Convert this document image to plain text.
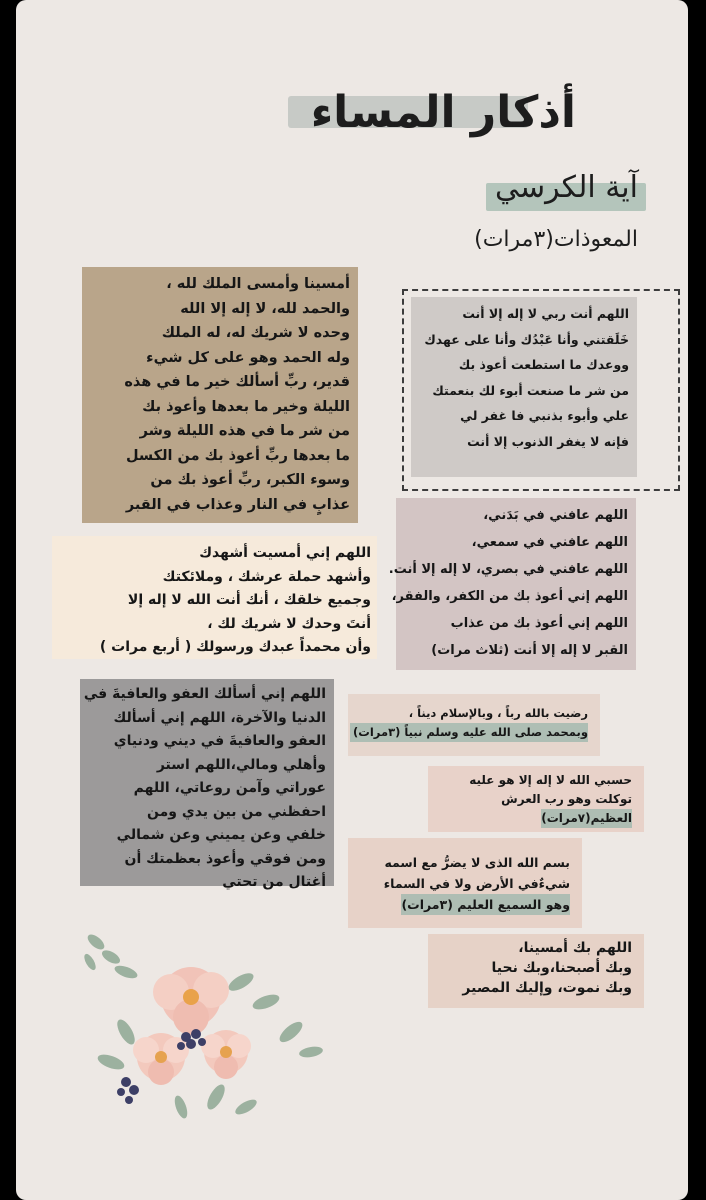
أذكار المساء
آية الكرسي
المعوذات(٣مرات)
أمسينا وأمسى الملك لله ،
والحمد لله، لا إله إلا الله
وحده لا شريك له، له الملك
وله الحمد وهو على كل شيء
قدير، ربِّ أسألك خير ما في هذه
الليلة وخير ما بعدها وأعوذ بك
من شر ما في هذه الليلة وشر
ما بعدها ربِّ أعوذ بك من الكسل
وسوء الكبر، ربِّ أعوذ بك من
عذابٍ في النار وعذاب في القبر
اللهم أنت ربي لا إله إلا أنت
خَلَقتني وأنا عَبْدُك وأنا على عهدك
ووعدك ما استطعت أعوذ بك
من شر ما صنعت أبوء لك بنعمتك
علي وأبوء بذنبي فا غفر لي
فإنه لا يغفر الذنوب إلا أنت
اللهم عافني في بَدَني،
اللهم عافني في سمعي،
اللهم عافني في بصري، لا إله إلا أنت.
اللهم إني أعوذ بك من الكفر، والفقر،
اللهم إني أعوذ بك من عذاب
القبر لا إله إلا أنت (ثلاث مرات)
اللهم إني أمسيت أشهدك
وأشهد حملة عرشك ، وملائكتك
وجميع خلقك ، أنك أنت الله لا إله إلا
أنتَ وحدك لا شريك لك ،
وأن محمداً عبدك ورسولك ( أربع مرات )
اللهم إني أسألك العفو والعافيةَ في
الدنيا والآخرة، اللهم إني أسألك
العفو والعافيةَ في ديني ودنياي
وأهلي ومالي،اللهم استر
عوراتي وآمن روعاتي، اللهم
احفظني من بين يدي ومن
خلفي وعن يميني وعن شمالي
ومن فوقي وأعوذ بعظمتك أن
أغتال من تحتي
رضيت بالله رباً ، وبالإسلام ديناً ،
وبمحمد صلى الله عليه وسلم نبياً (٣مرات)
حسبي الله لا إله إلا هو عليه
توكلت وهو رب العرش
العظيم(٧مرات)
بسم الله الذى لا يضرُّ مع اسمه
شيءٌفي الأرض ولا في السماء
وهو السميع العليم (٣مرات)
اللهم بك أمسينا،
وبك أصبحنا،وبك نحيا
وبك نموت، وإليك المصير
